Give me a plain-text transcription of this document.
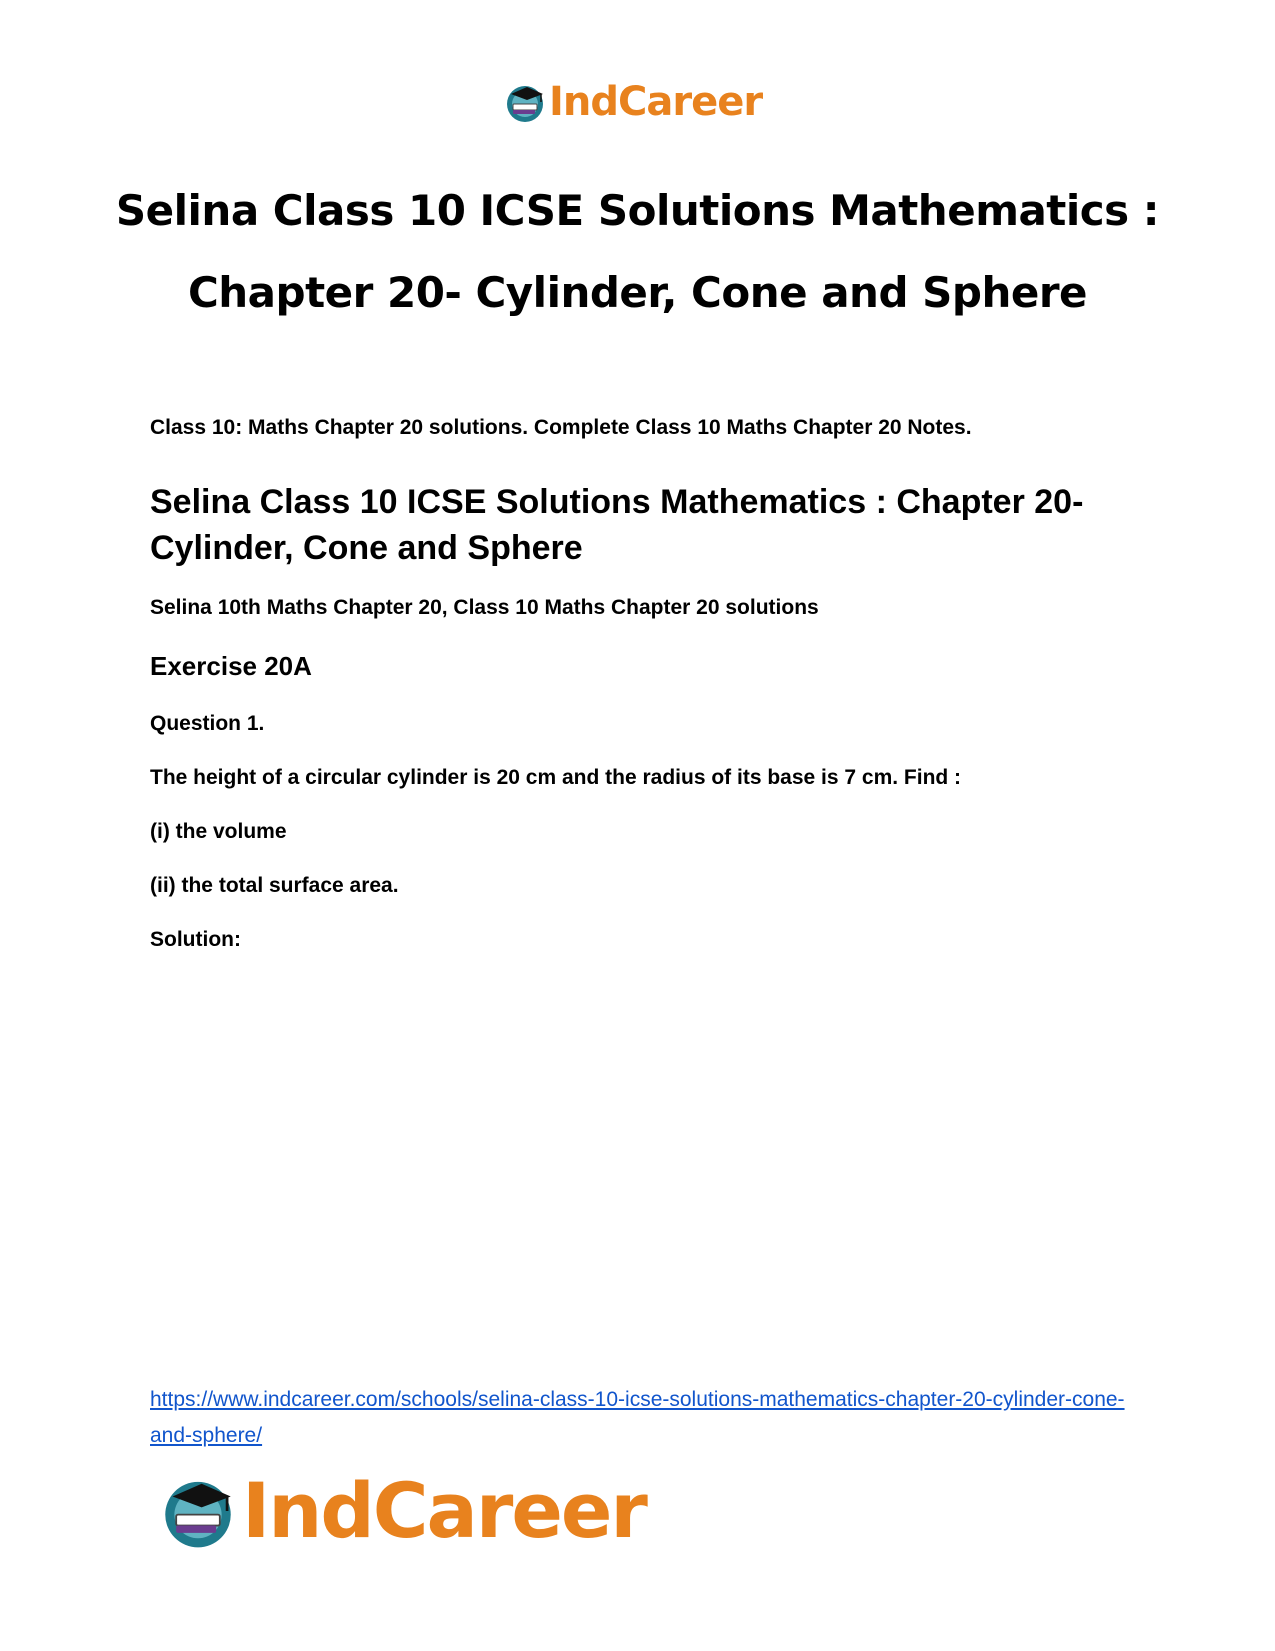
IndCareer
Selina Class 10 ICSE Solutions Mathematics : Chapter 20- Cylinder, Cone and Sphere

Class 10: Maths Chapter 20 solutions. Complete Class 10 Maths Chapter 20 Notes.

Selina Class 10 ICSE Solutions Mathematics : Chapter 20- Cylinder, Cone and Sphere

Selina 10th Maths Chapter 20, Class 10 Maths Chapter 20 solutions

Exercise 20A

Question 1.

The height of a circular cylinder is 20 cm and the radius of its base is 7 cm. Find :

(i) the volume

(ii) the total surface area.

Solution:

https://www.indcareer.com/schools/selina-class-10-icse-solutions-mathematics-chapter-20-cylinder-cone-and-sphere/
IndCareer
